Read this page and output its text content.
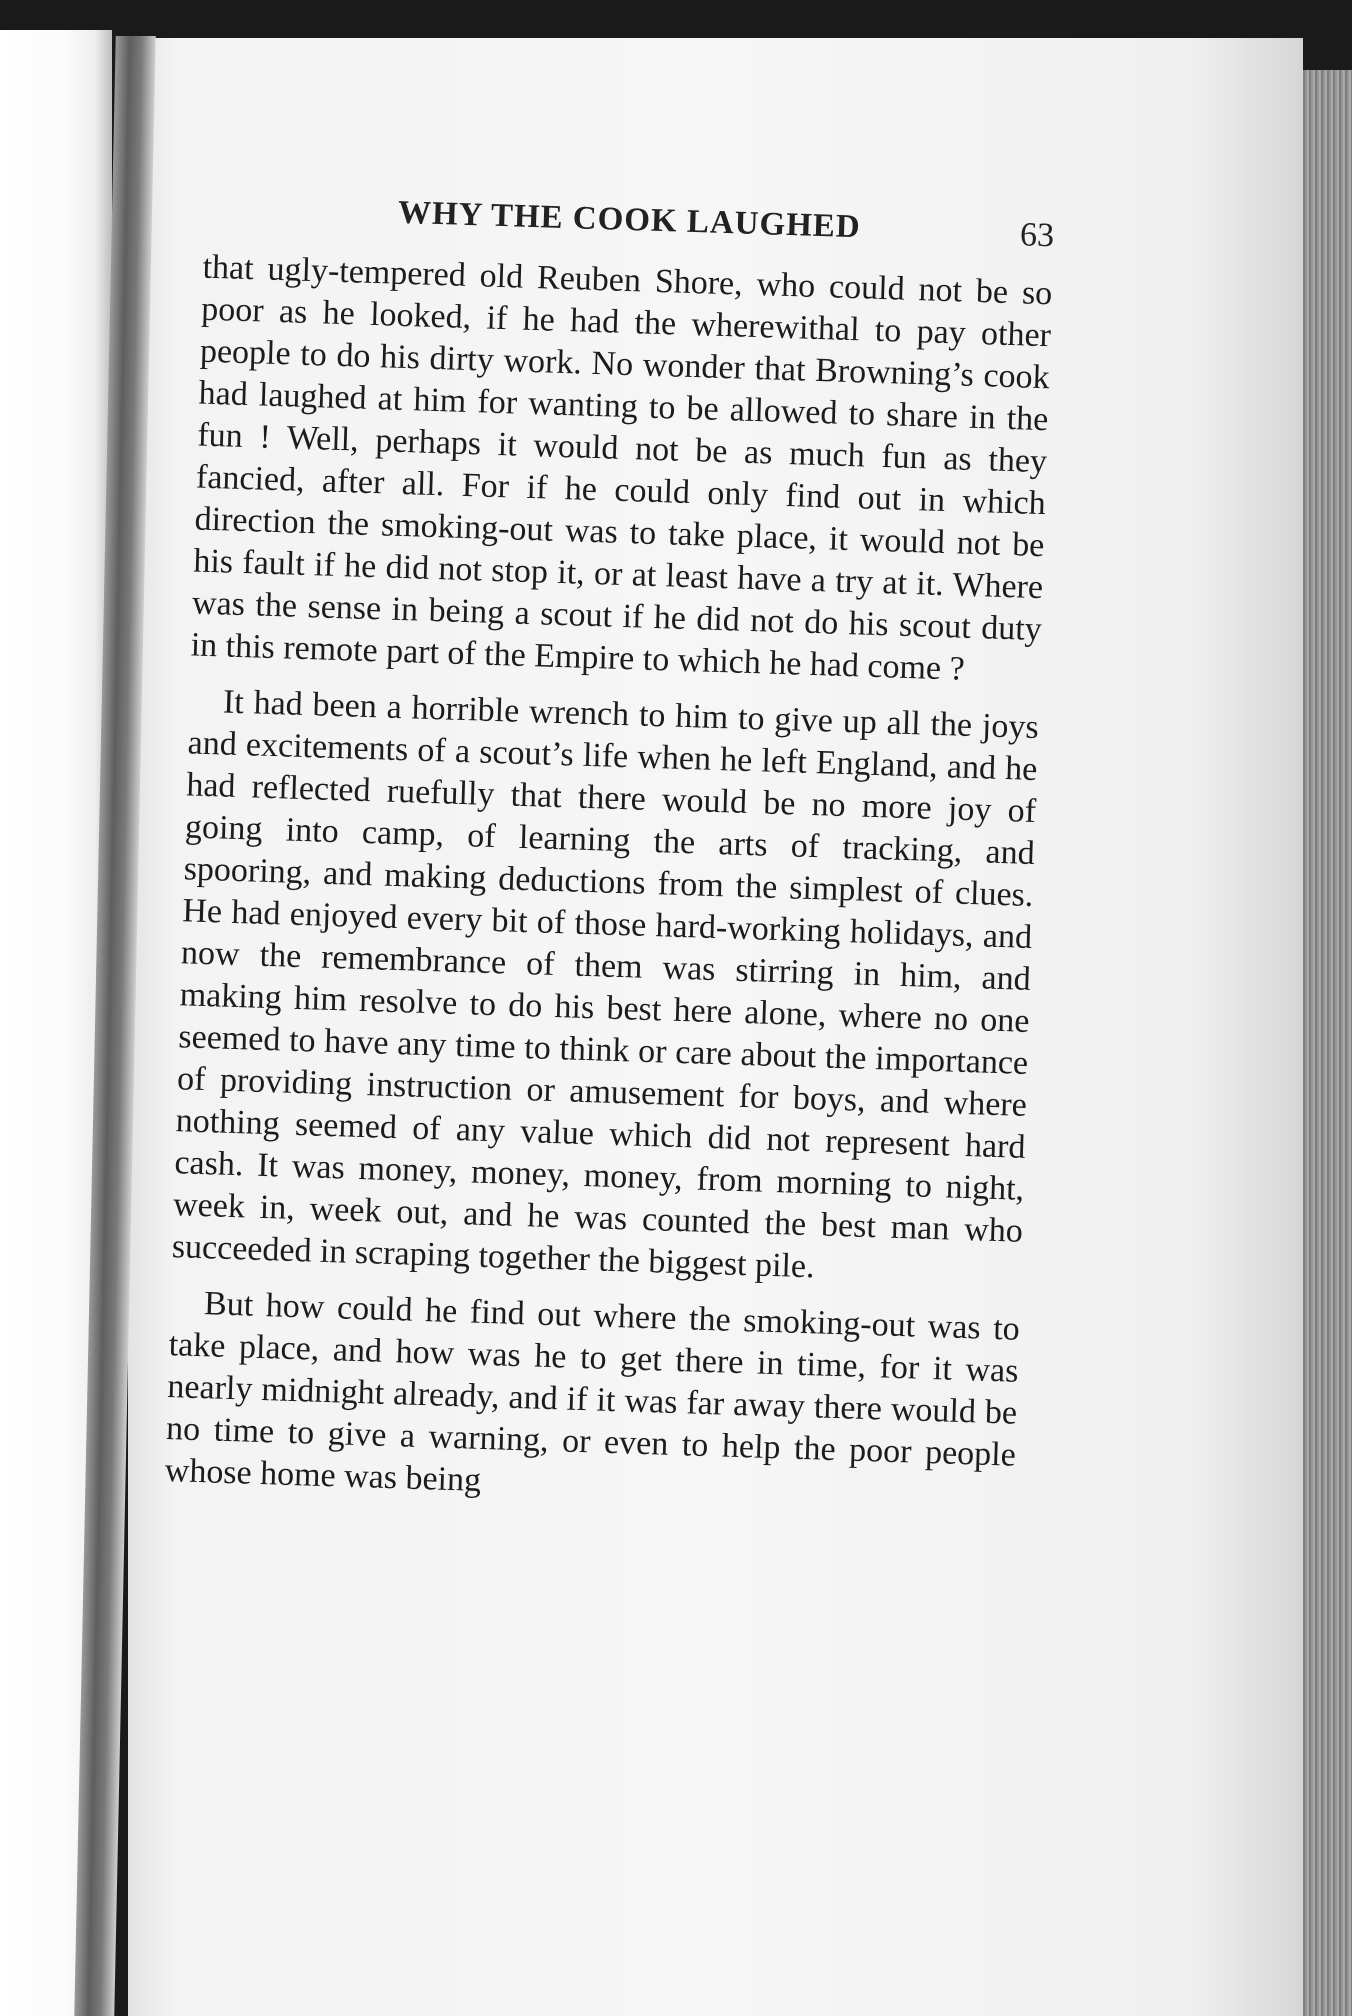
WHY THE COOK LAUGHED	63

that ugly-tempered old Reuben Shore, who could not be so poor as he looked, if he had the wherewithal to pay other people to do his dirty work. No wonder that Browning’s cook had laughed at him for wanting to be allowed to share in the fun ! Well, perhaps it would not be as much fun as they fancied, after all. For if he could only find out in which direction the smoking-out was to take place, it would not be his fault if he did not stop it, or at least have a try at it. Where was the sense in being a scout if he did not do his scout duty in this remote part of the Empire to which he had come ?

It had been a horrible wrench to him to give up all the joys and excitements of a scout’s life when he left England, and he had reflected ruefully that there would be no more joy of going into camp, of learning the arts of tracking, and spooring, and making deductions from the simplest of clues. He had enjoyed every bit of those hard-working holidays, and now the remembrance of them was stirring in him, and making him resolve to do his best here alone, where no one seemed to have any time to think or care about the importance of providing instruction or amusement for boys, and where nothing seemed of any value which did not represent hard cash. It was money, money, money, from morning to night, week in, week out, and he was counted the best man who succeeded in scraping together the biggest pile.

But how could he find out where the smoking-out was to take place, and how was he to get there in time, for it was nearly midnight already, and if it was far away there would be no time to give a warning, or even to help the poor people whose home was being
